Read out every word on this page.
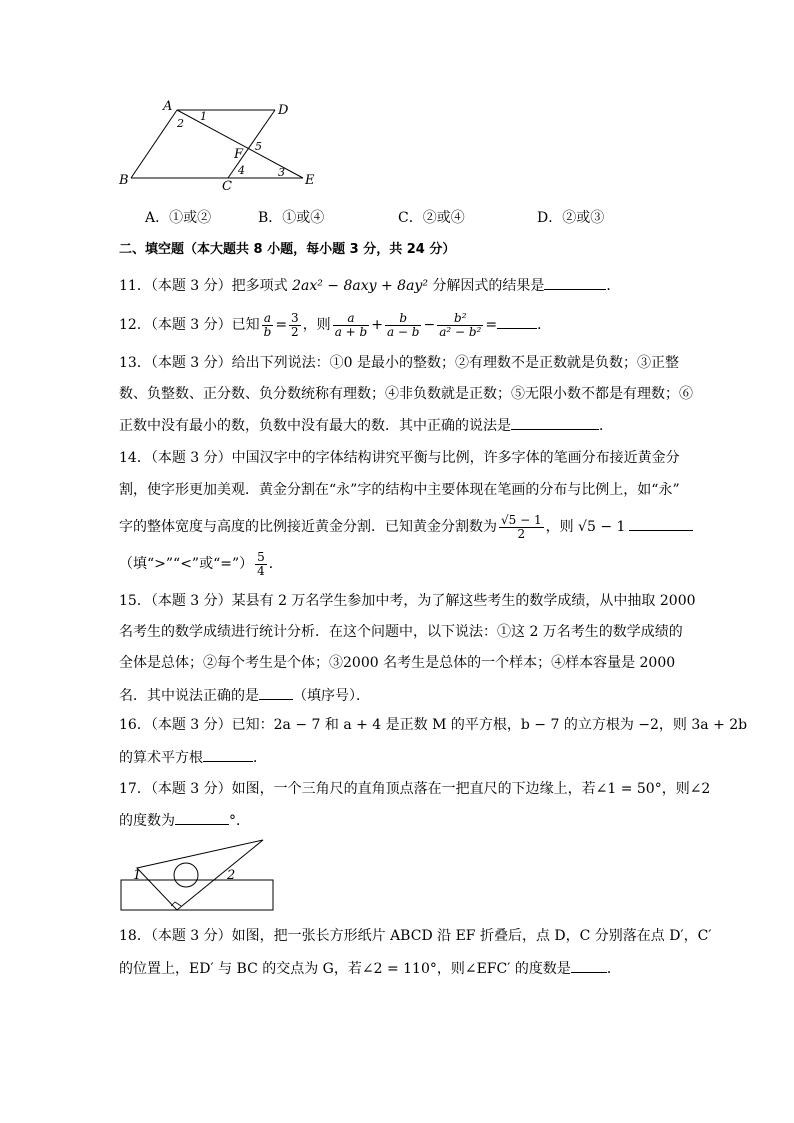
A	D
B	C	E
F
1
2
3
4
5
A．①或②	B．①或④	C．②或④	D．②或③
二、填空题（本大题共 8 小题，每小题 3 分，共 24 分）
11．（本题 3 分）把多项式 2ax² − 8axy + 8ay² 分解因式的结果是	．
12．（本题 3 分）已知 $\frac{a}{b} = \frac{3}{2}$ ，则 $\frac{a}{a + b} + \frac{b}{a - b} - \frac{\text{b²}}{\text{a² − b²}}$ =	．
13．（本题 3 分）给出下列说法：①0 是最小的整数；②有理数不是正数就是负数；③正整
数、负整数、正分数、负分数统称有理数；④非负数就是正数；⑤无限小数不都是有理数；⑥
正数中没有最小的数，负数中没有最大的数．其中正确的说法是	．
14．（本题 3 分）中国汉字中的字体结构讲究平衡与比例，许多字体的笔画分布接近黄金分
割，使字形更加美观．黄金分割在“永”字的结构中主要体现在笔画的分布与比例上，如“永”
字的整体宽度与高度的比例接近黄金分割．已知黄金分割数为 $\frac{√5 - 1}{2}$ ，则 √5 − 1
（填“>”“<”或“=”） $\frac{5}{4}$ ．
15．（本题 3 分）某县有 2 万名学生参加中考，为了解这些考生的数学成绩，从中抽取 2000
名考生的数学成绩进行统计分析．在这个问题中，以下说法：①这 2 万名考生的数学成绩的
全体是总体；②每个考生是个体；③2000 名考生是总体的一个样本；④样本容量是 2000
名．其中说法正确的是 （填序号）．
16．（本题 3 分）已知：2a − 7 和 a + 4 是正数 M 的平方根，b − 7 的立方根为 −2，则 3a + 2b
的算术平方根	．
17．（本题 3 分）如图，一个三角尺的直角顶点落在一把直尺的下边缘上，若∠1 = 50°，则∠2
的度数为	°．
1	2
18．（本题 3 分）如图，把一张长方形纸片 ABCD 沿 EF 折叠后，点 D，C 分别落在点 D′，C′
的位置上，ED′ 与 BC 的交点为 G，若∠2 = 110°，则∠EFC′ 的度数是	．
